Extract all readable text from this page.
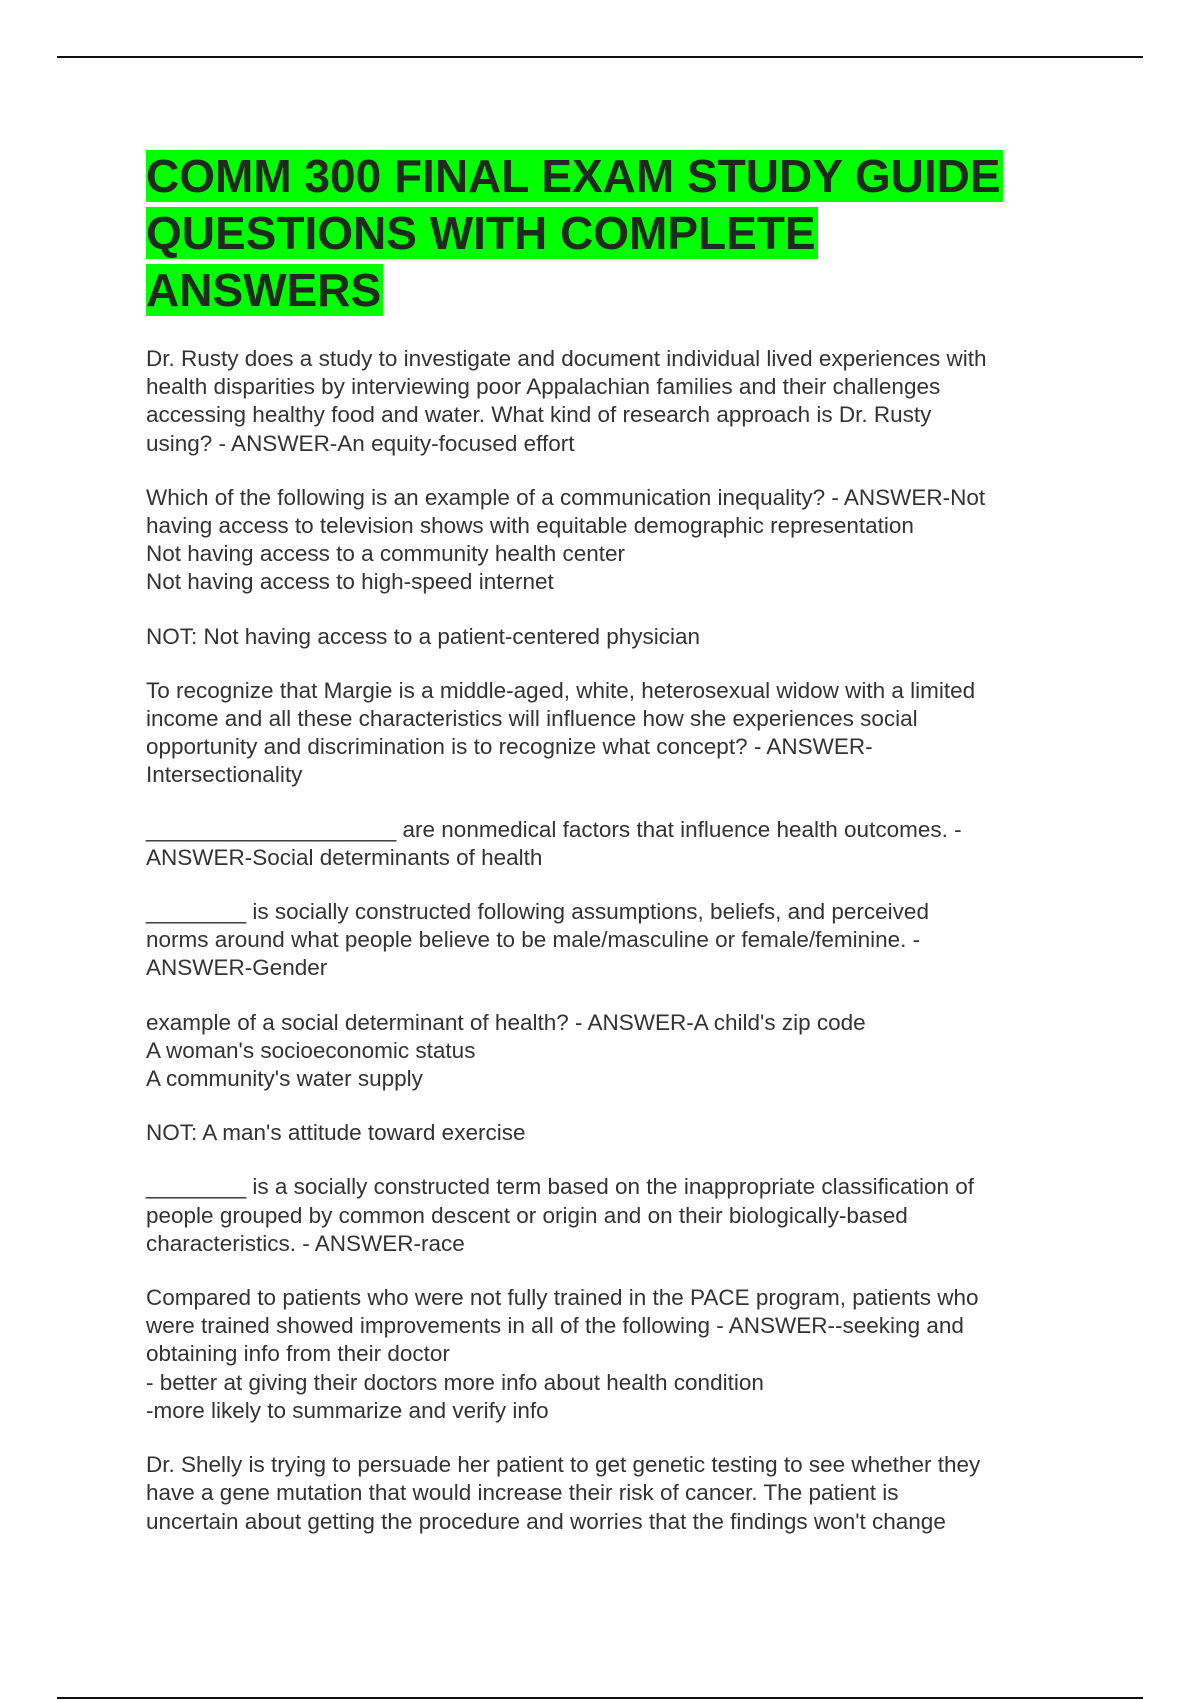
COMM 300 FINAL EXAM STUDY GUIDE
QUESTIONS WITH COMPLETE
ANSWERS
Dr. Rusty does a study to investigate and document individual lived experiences with
health disparities by interviewing poor Appalachian families and their challenges
accessing healthy food and water. What kind of research approach is Dr. Rusty
using? - ANSWER-An equity-focused effort
Which of the following is an example of a communication inequality? - ANSWER-Not
having access to television shows with equitable demographic representation
Not having access to a community health center
Not having access to high-speed internet
NOT: Not having access to a patient-centered physician
To recognize that Margie is a middle-aged, white, heterosexual widow with a limited
income and all these characteristics will influence how she experiences social
opportunity and discrimination is to recognize what concept? - ANSWER-
Intersectionality
____________________ are nonmedical factors that influence health outcomes. -
ANSWER-Social determinants of health
________ is socially constructed following assumptions, beliefs, and perceived
norms around what people believe to be male/masculine or female/feminine. -
ANSWER-Gender
example of a social determinant of health? - ANSWER-A child's zip code
A woman's socioeconomic status
A community's water supply
NOT: A man's attitude toward exercise
________ is a socially constructed term based on the inappropriate classification of
people grouped by common descent or origin and on their biologically-based
characteristics. - ANSWER-race
Compared to patients who were not fully trained in the PACE program, patients who
were trained showed improvements in all of the following - ANSWER--seeking and
obtaining info from their doctor
- better at giving their doctors more info about health condition
-more likely to summarize and verify info
Dr. Shelly is trying to persuade her patient to get genetic testing to see whether they
have a gene mutation that would increase their risk of cancer. The patient is
uncertain about getting the procedure and worries that the findings won't change
